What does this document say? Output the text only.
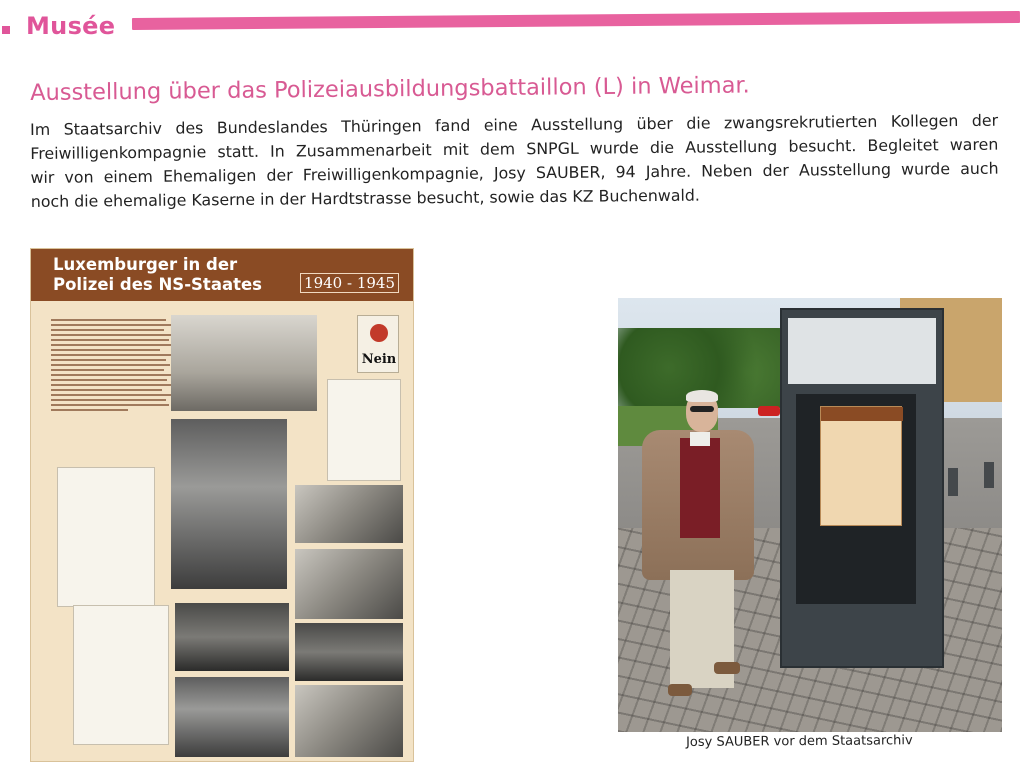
Musée
Ausstellung über das Polizeiausbildungsbattaillon (L) in Weimar.
Im Staatsarchiv des Bundeslandes Thüringen fand eine Ausstellung über die zwangsrekrutierten Kollegen der
Freiwilligenkompagnie statt. In Zusammenarbeit mit dem SNPGL wurde die Ausstellung besucht. Begleitet waren
wir von einem Ehemaligen der Freiwilligenkompagnie, Josy SAUBER, 94 Jahre. Neben der Ausstellung wurde auch
noch die ehemalige Kaserne in der Hardtstrasse besucht, sowie das KZ Buchenwald.
Luxemburger in der
Polizei des NS-Staates	1940 - 1945
Nein
Josy SAUBER vor dem Staatsarchiv
